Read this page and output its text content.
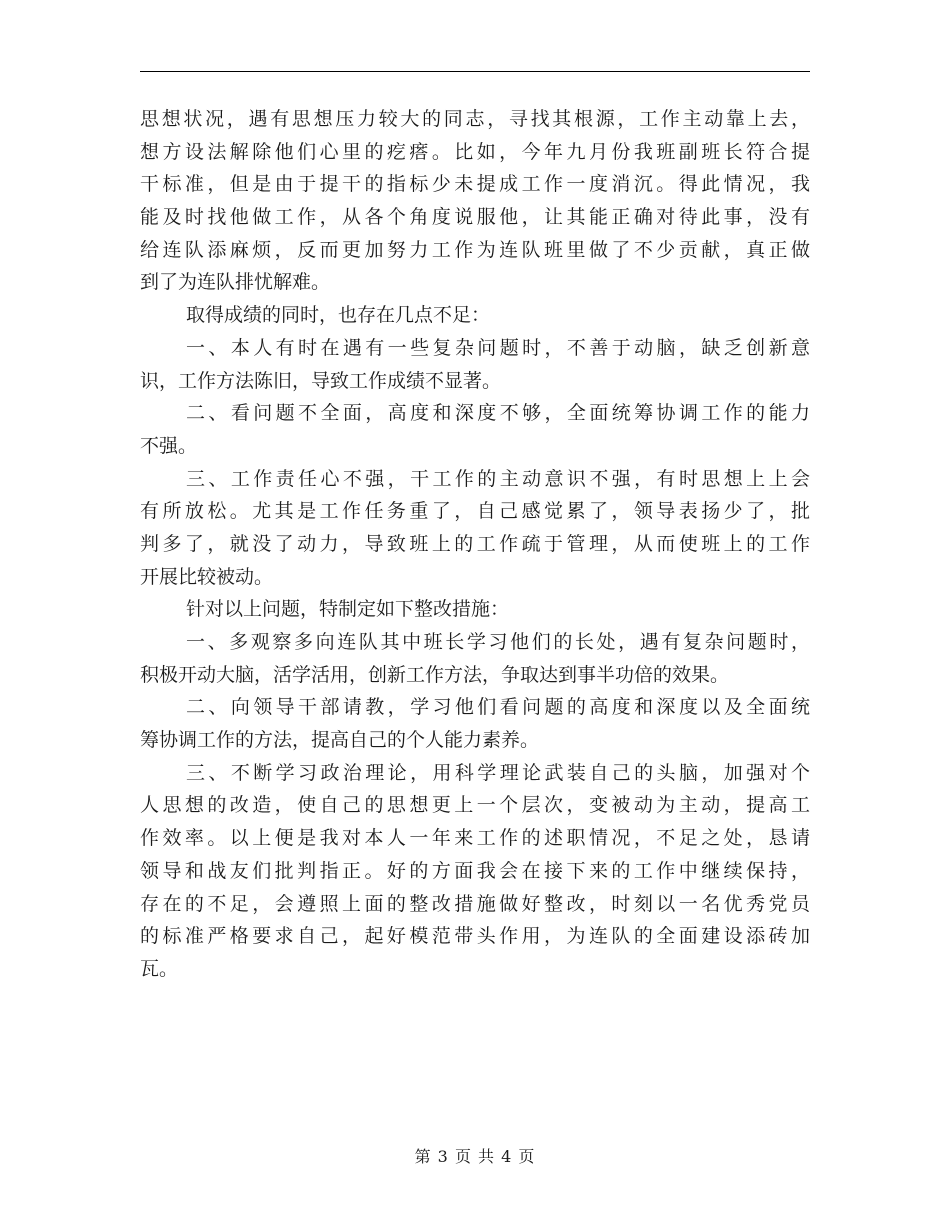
思想状况，遇有思想压力较大的同志，寻找其根源，工作主动靠上去，
想方设法解除他们心里的疙瘩。比如，今年九月份我班副班长符合提
干标准，但是由于提干的指标少未提成工作一度消沉。得此情况，我
能及时找他做工作，从各个角度说服他，让其能正确对待此事，没有
给连队添麻烦，反而更加努力工作为连队班里做了不少贡献，真正做
到了为连队排忧解难。
取得成绩的同时，也存在几点不足：
一、本人有时在遇有一些复杂问题时，不善于动脑，缺乏创新意
识，工作方法陈旧，导致工作成绩不显著。
二、看问题不全面，高度和深度不够，全面统筹协调工作的能力
不强。
三、工作责任心不强，干工作的主动意识不强，有时思想上上会
有所放松。尤其是工作任务重了，自己感觉累了，领导表扬少了，批
判多了，就没了动力，导致班上的工作疏于管理，从而使班上的工作
开展比较被动。
针对以上问题，特制定如下整改措施：
一、多观察多向连队其中班长学习他们的长处，遇有复杂问题时，
积极开动大脑，活学活用，创新工作方法，争取达到事半功倍的效果。
二、向领导干部请教，学习他们看问题的高度和深度以及全面统
筹协调工作的方法，提高自己的个人能力素养。
三、不断学习政治理论，用科学理论武装自己的头脑，加强对个
人思想的改造，使自己的思想更上一个层次，变被动为主动，提高工
作效率。以上便是我对本人一年来工作的述职情况，不足之处，恳请
领导和战友们批判指正。好的方面我会在接下来的工作中继续保持，
存在的不足，会遵照上面的整改措施做好整改，时刻以一名优秀党员
的标准严格要求自己，起好模范带头作用，为连队的全面建设添砖加
瓦。
第 3 页 共 4 页
